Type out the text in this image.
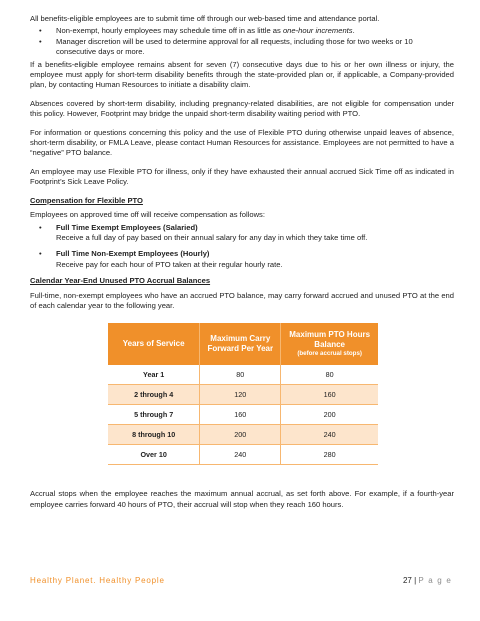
All benefits-eligible employees are to submit time off through our web-based time and attendance portal.

• Non-exempt, hourly employees may schedule time off in as little as one-hour increments.
• Manager discretion will be used to determine approval for all requests, including those for two weeks or 10 consecutive days or more.

If a benefits-eligible employee remains absent for seven (7) consecutive days due to his or her own illness or injury, the employee must apply for short-term disability benefits through the state-provided plan or, if applicable, a Company-provided plan, by contacting Human Resources to initiate a disability claim.

Absences covered by short-term disability, including pregnancy-related disabilities, are not eligible for compensation under this policy. However, Footprint may bridge the unpaid short-term disability waiting period with PTO.

For information or questions concerning this policy and the use of Flexible PTO during otherwise unpaid leaves of absence, short-term disability, or FMLA Leave, please contact Human Resources for assistance. Employees are not permitted to have a “negative” PTO balance.

An employee may use Flexible PTO for illness, only if they have exhausted their annual accrued Sick Time off as indicated in Footprint’s Sick Leave Policy.

Compensation for Flexible PTO

Employees on approved time off will receive compensation as follows:

• Full Time Exempt Employees (Salaried)
Receive a full day of pay based on their annual salary for any day in which they take time off.
• Full Time Non-Exempt Employees (Hourly)
Receive pay for each hour of PTO taken at their regular hourly rate.

Calendar Year-End Unused PTO Accrual Balances

Full-time, non-exempt employees who have an accrued PTO balance, may carry forward accrued and unused PTO at the end of each calendar year to the following year.

Years of Service	Maximum Carry Forward Per Year	Maximum PTO Hours Balance
(before accrual stops)

Year 1	80	80
2 through 4	120	160
5 through 7	160	200
8 through 10	200	240
Over 10	240	280

Accrual stops when the employee reaches the maximum annual accrual, as set forth above. For example, if a fourth-year employee carries forward 40 hours of PTO, their accrual will stop when they reach 160 hours.

Healthy Planet. Healthy People	27 | P a g e
